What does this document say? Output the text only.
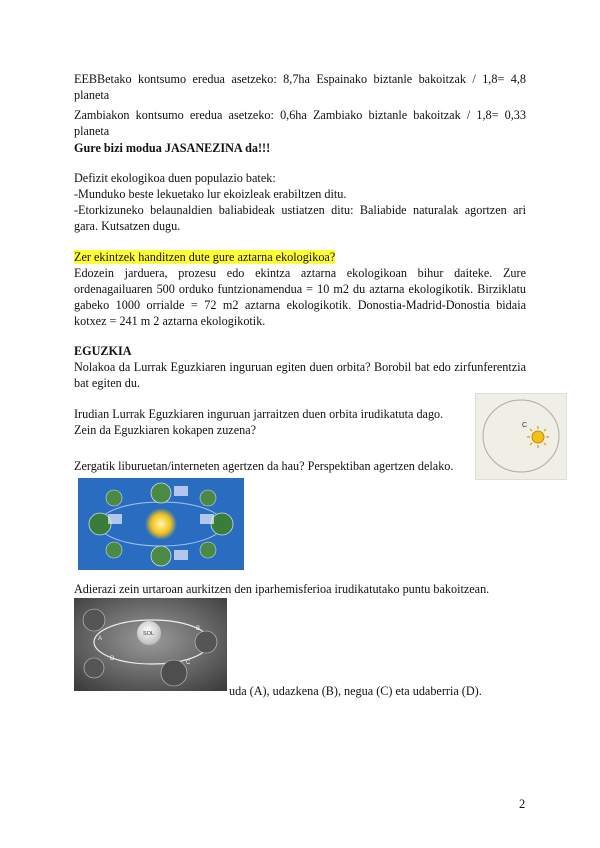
EEBBetako kontsumo eredua asetzeko: 8,7ha Espainako biztanle bakoitzak / 1,8= 4,8 planeta

Zambiakon kontsumo eredua asetzeko: 0,6ha Zambiako biztanle bakoitzak / 1,8= 0,33 planeta

Gure bizi modua JASANEZINA da!!!

Defizit ekologikoa duen populazio batek:

-Munduko beste lekuetako lur ekoizleak erabiltzen ditu.

-Etorkizuneko belaunaldien baliabideak ustiatzen ditu: Baliabide naturalak agortzen ari gara. Kutsatzen dugu.

Zer ekintzek handitzen dute gure aztarna ekologikoa?

Edozein jarduera, prozesu edo ekintza aztarna ekologikoan bihur daiteke. Zure ordenagailuaren 500 orduko funtzionamendua = 10 m2 du aztarna ekologikotik. Birziklatu gabeko 1000 orrialde = 72 m2 aztarna ekologikotik. Donostia-Madrid-Donostia bidaia kotxez = 241 m 2 aztarna ekologikotik.

EGUZKIA

Nolakoa da Lurrak Eguzkiaren inguruan egiten duen orbita? Borobil bat edo zirfunferentzia bat egiten du.

Irudian Lurrak Eguzkiaren inguruan jarraitzen duen orbita irudikatuta dago.

Zein da Eguzkiaren kokapen zuzena?	C

Zergatik liburuetan/interneten agertzen da hau? Perspektiban agertzen delako.

Adierazi zein urtaroan aurkitzen den iparhemisferioa irudikatutako puntu bakoitzean.

SOL
A
B
C
D

uda (A), udazkena (B), negua (C) eta udaberria (D).

2
